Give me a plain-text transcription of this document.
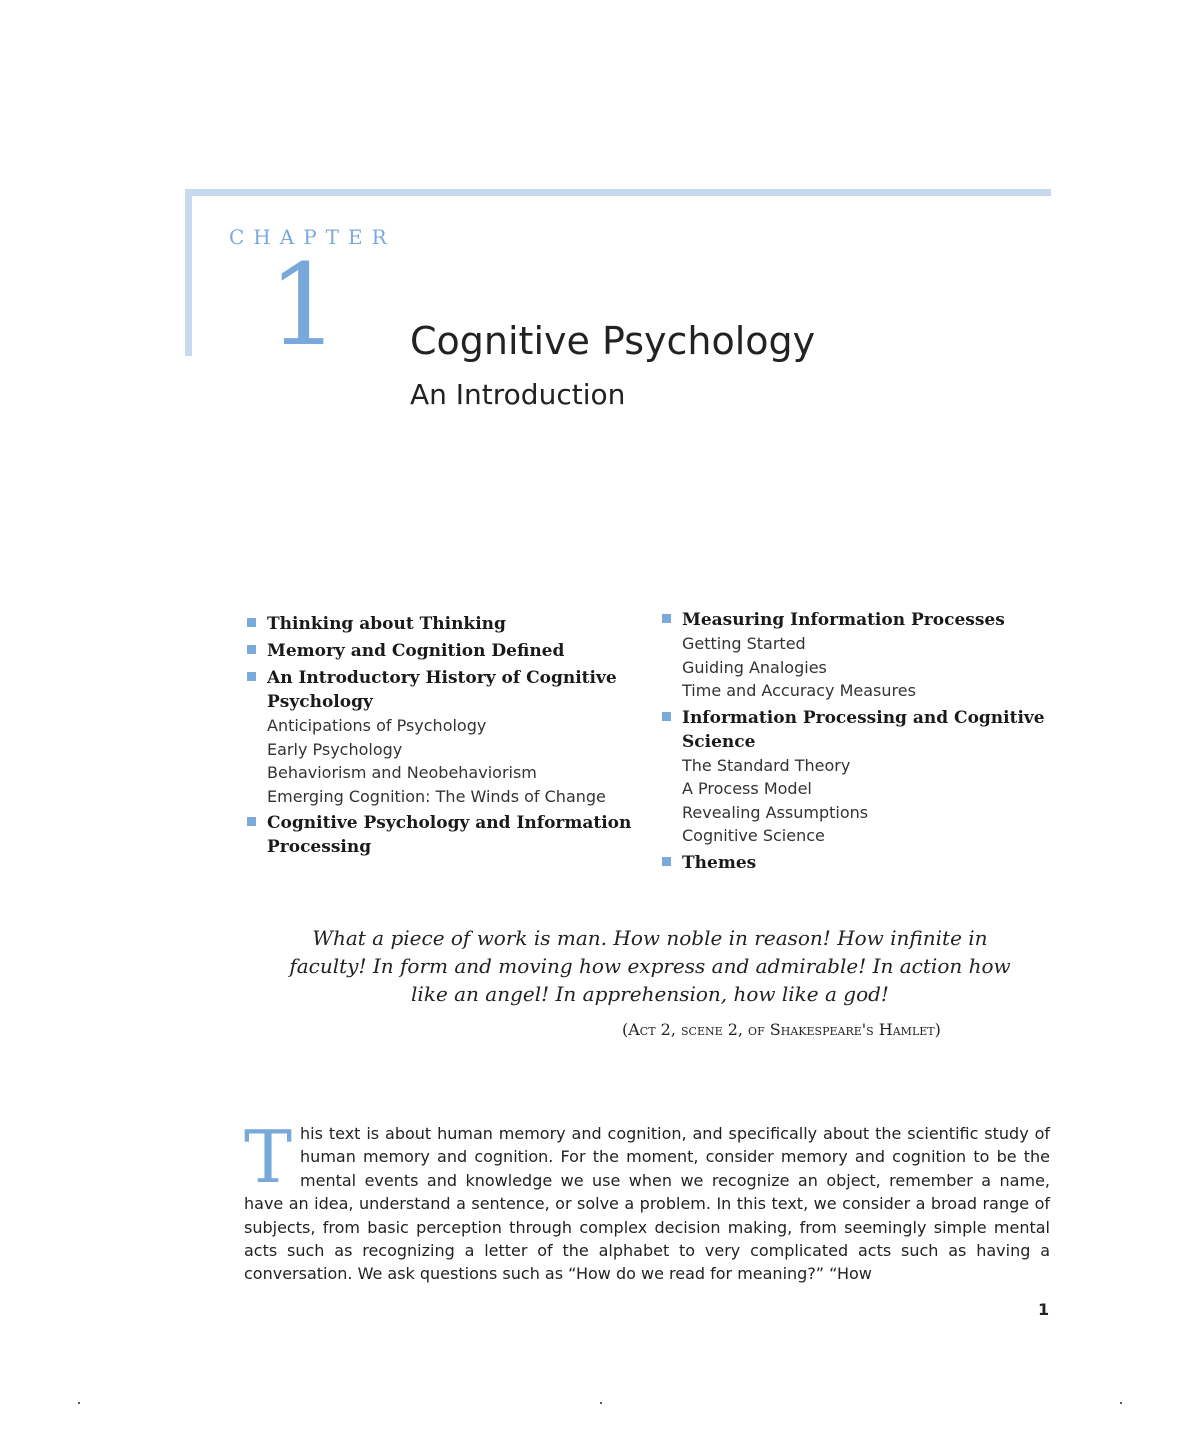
CHAPTER
1 Cognitive Psychology
An Introduction
Thinking about Thinking
Memory and Cognition Defined
An Introductory History of Cognitive
Psychology
Anticipations of Psychology
Early Psychology
Behaviorism and Neobehaviorism
Emerging Cognition: The Winds of Change
Cognitive Psychology and Information
Processing
Measuring Information Processes
Getting Started
Guiding Analogies
Time and Accuracy Measures
Information Processing and Cognitive
Science
The Standard Theory
A Process Model
Revealing Assumptions
Cognitive Science
Themes
What a piece of work is man. How noble in reason! How infinite in
faculty! In form and moving how express and admirable! In action how
like an angel! In apprehension, how like a god!
(Act 2, scene 2, of Shakespeare's Hamlet)
This text is about human memory and cognition, and specifically about the scientific study of human memory and cognition. For the moment, consider memory and cognition to be the mental events and knowledge we use when we recognize an object, remember a name, have an idea, understand a sentence, or solve a problem. In this text, we consider a broad range of subjects, from basic perception through complex decision making, from seemingly simple mental acts such as recognizing a letter of the alphabet to very complicated acts such as having a conversation. We ask questions such as “How do we read for meaning?” “How
1
